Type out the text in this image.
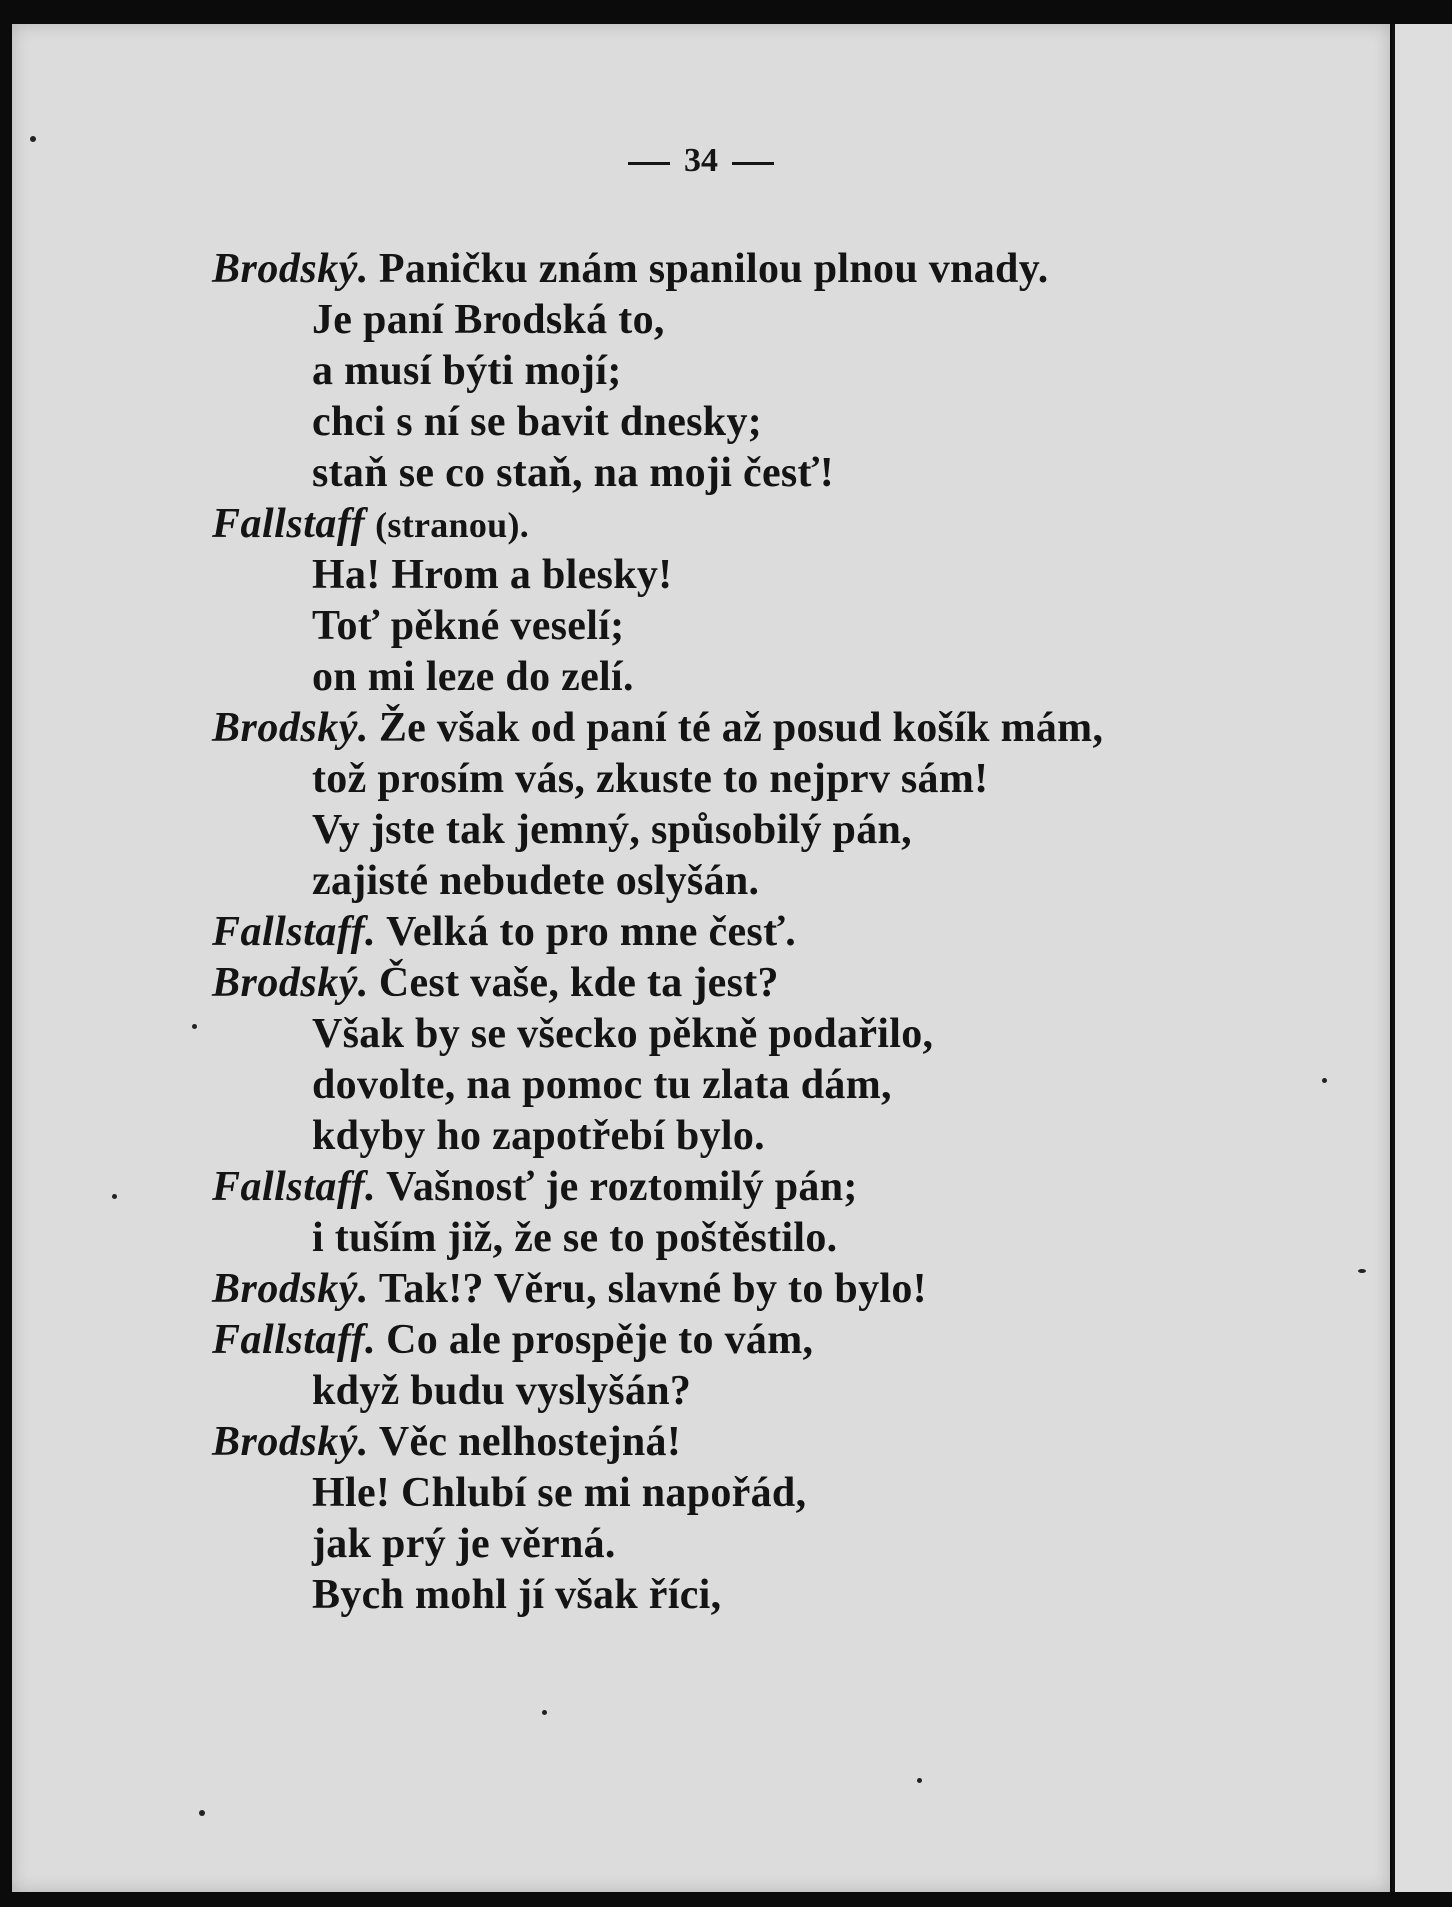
34
Brodský. Paničku znám spanilou plnou vnady.
Je paní Brodská to,
a musí býti mojí;
chci s ní se bavit dnesky;
staň se co staň, na moji česť!
Fallstaff (stranou).
Ha! Hrom a blesky!
Toť pěkné veselí;
on mi leze do zelí.
Brodský. Že však od paní té až posud košík mám,
tož prosím vás, zkuste to nejprv sám!
Vy jste tak jemný, spůsobilý pán,
zajisté nebudete oslyšán.
Fallstaff. Velká to pro mne česť.
Brodský. Čest vaše, kde ta jest?
Však by se všecko pěkně podařilo,
dovolte, na pomoc tu zlata dám,
kdyby ho zapotřebí bylo.
Fallstaff. Vašnosť je roztomilý pán;
i tuším již, že se to poštěstilo.
Brodský. Tak!? Věru, slavné by to bylo!
Fallstaff. Co ale prospěje to vám,
když budu vyslyšán?
Brodský. Věc nelhostejná!
Hle! Chlubí se mi napořád,
jak prý je věrná.
Bych mohl jí však říci,
